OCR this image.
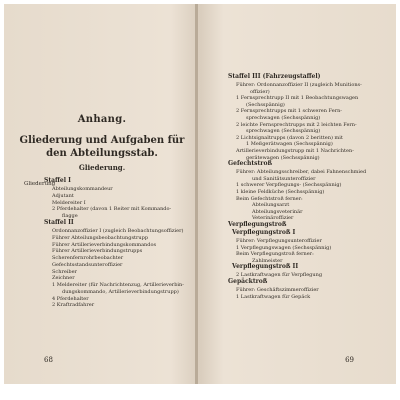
Anhang.
Gliederung und Aufgaben für
den Abteilungsstab.
Gliederung.
Gliederung
Staffel I
Abteilungskommandeur
Adjutant
Meldereiter I
2 Pferdehalter (davon 1 Reiter mit Kommando-
flagge
Staffel II
Ordonnanzoffizier I (zugleich Beobachtungsoffizier)
Führer Abteilungsbeobachtungstrupp
Führer Artillerieverbindungskommandos
Führer Artillerieverbindungstrupps
Scherenfernrohrbeobachter
Gefechtsstandsunteroffizier
Schreiber
Zeichner
1 Meldereiter (für Nachrichtenzug, Artillerieverbin-
dungskommando, Artillerieverbindungstrupp)
4 Pferdehalter
2 Kraftradfahrer
68
Staffel III (Fahrzeugstaffel)
Führer: Ordonnanzoffizier II (zugleich Munitions-
offizier)
1 Fernsprechtrupp II mit 1 Beobachtungswagen
(Sechsspännig)
2 Fernsprechtrupps mit 1 schweren Fern-
sprechwagen (Sechsspännig)
2 leichte Fernsprechtrupps mit 2 leichten Fern-
sprechwagen (Sechsspännig)
2 Lichtsignaltrupps (davon 2 beritten) mit
1 Meßgerätwagen (Sechsspännig)
Artillerieverbindungstrupp mit 1 Nachrichten-
gerätewagen (Sechsspännig)
Gefechtstroß
Führer: Abteilungsschreiber, dabei Fahnenschmied
und Sanitätsunteroffizier
1 schwerer Verpflegungs- (Sechsspännig)
1 kleine Feldküche (Sechsspännig)
Beim Gefechtstroß ferner:
Abteilungsarzt
Abteilungsveterinär
Veterinäroffizier
Verpflegungstroß
Verpflegungstroß I
Führer: Verpflegungsunteroffizier
1 Verpflegungswagen (Sechsspännig)
Beim Verpflegungstroß ferner:
Zahlmeister
Verpflegungstroß II
2 Lastkraftwagen für Verpflegung
Gepäcktroß
Führer: Geschäftszimmeroffizier
1 Lastkraftwagen für Gepäck
69
